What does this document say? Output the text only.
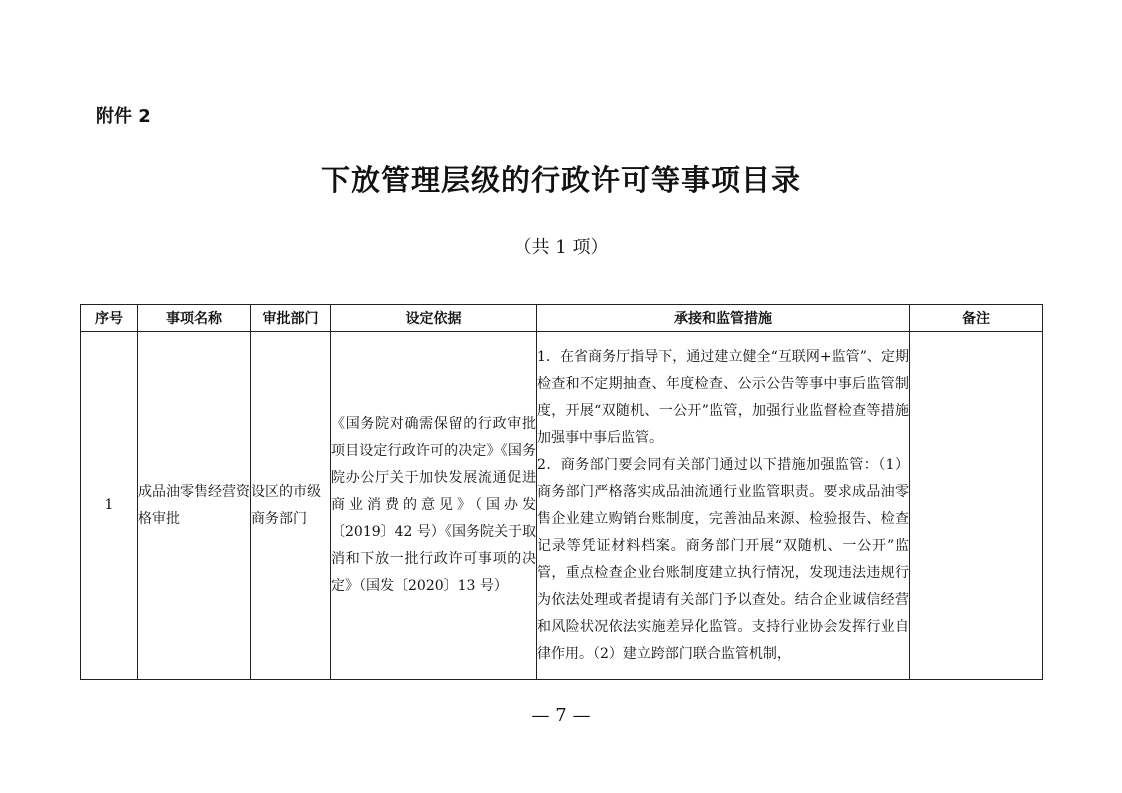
附件 2
下放管理层级的行政许可等事项目录
（共 1 项）
序号	事项名称	审批部门	设定依据	承接和监管措施	备注
1	成品油零售经营资格审批	设区的市级商务部门	《国务院对确需保留的行政审批项目设定行政许可的决定》《国务院办公厅关于加快发展流通促进商业消费的意见》（国办发〔2019〕42 号）《国务院关于取消和下放一批行政许可事项的决定》（国发〔2020〕13 号）	1．在省商务厅指导下，通过建立健全“互联网+监管”、定期检查和不定期抽查、年度检查、公示公告等事中事后监管制度，开展“双随机、一公开”监管，加强行业监督检查等措施加强事中事后监管。

2．商务部门要会同有关部门通过以下措施加强监管：（1）商务部门严格落实成品油流通行业监管职责。要求成品油零售企业建立购销台账制度，完善油品来源、检验报告、检查记录等凭证材料档案。商务部门开展“双随机、一公开”监管，重点检查企业台账制度建立执行情况，发现违法违规行为依法处理或者提请有关部门予以查处。结合企业诚信经营和风险状况依法实施差异化监管。支持行业协会发挥行业自律作用。（2）建立跨部门联合监管机制，	

— 7 —
